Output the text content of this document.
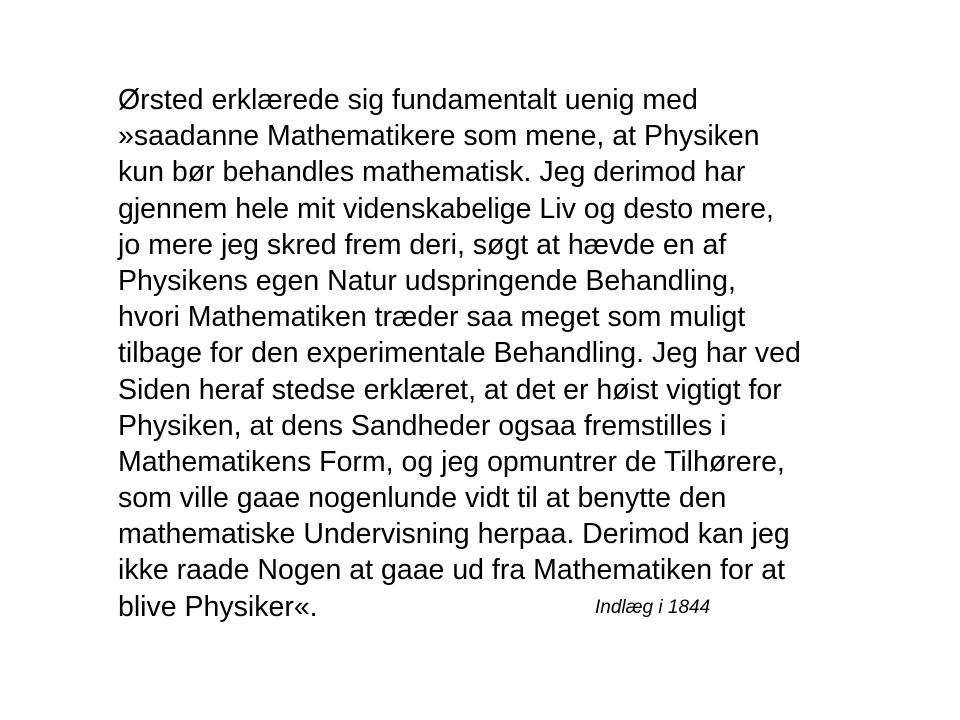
Ørsted erklærede sig fundamentalt uenig med
»saadanne Mathematikere som mene, at Physiken
kun bør behandles mathematisk. Jeg derimod har
gjennem hele mit videnskabelige Liv og desto mere,
jo mere jeg skred frem deri, søgt at hævde en af
Physikens egen Natur udspringende Behandling,
hvori Mathematiken træder saa meget som muligt
tilbage for den experimentale Behandling. Jeg har ved
Siden heraf stedse erklæret, at det er høist vigtigt for
Physiken, at dens Sandheder ogsaa fremstilles i
Mathematikens Form, og jeg opmuntrer de Tilhørere,
som ville gaae nogenlunde vidt til at benytte den
mathematiske Undervisning herpaa. Derimod kan jeg
ikke raade Nogen at gaae ud fra Mathematiken for at
blive Physiker«.	Indlæg i 1844
